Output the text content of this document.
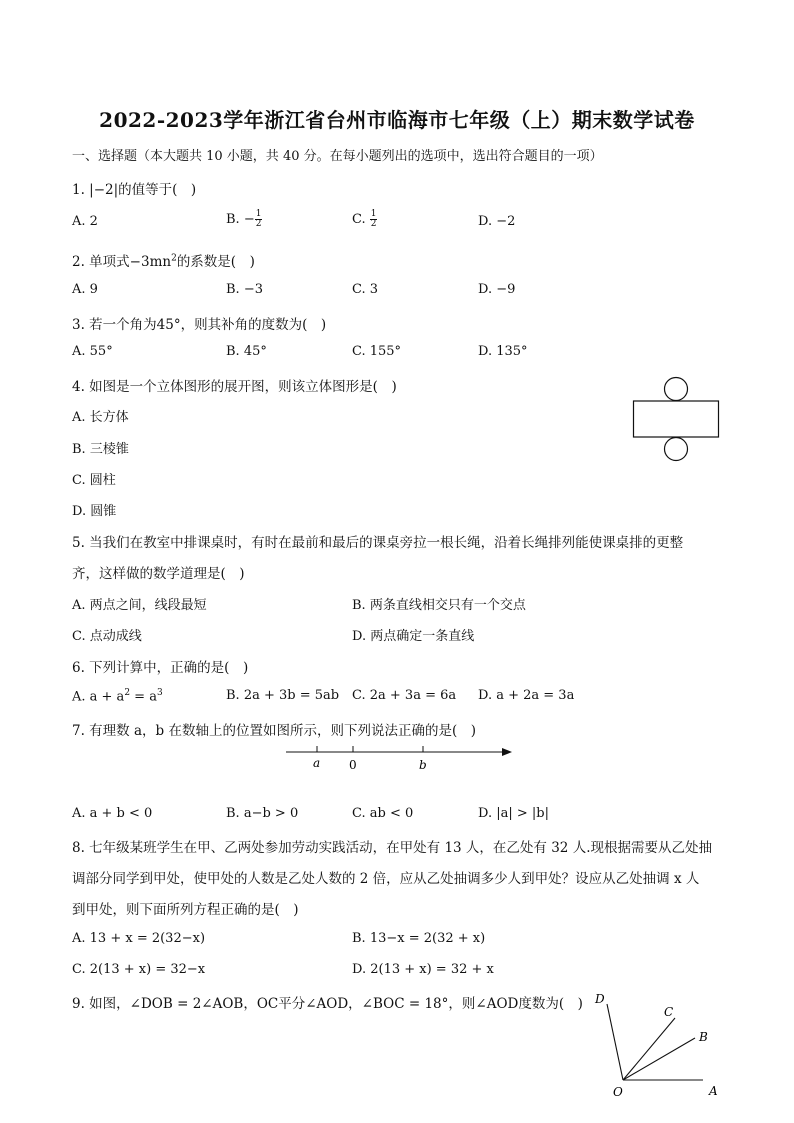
2022-2023学年浙江省台州市临海市七年级（上）期末数学试卷
一、选择题（本大题共 10 小题，共 40 分。在每小题列出的选项中，选出符合题目的一项）
1. |−2|的值等于(　)
A. 2	B. − $\frac{1}{2}$	C. $\frac{1}{2}$	D. −2
2. 单项式$-3mn^2$的系数是(　)
A. 9	B. −3	C. 3	D. −9
3. 若一个角为45°，则其补角的度数为(　)
A. 55°	B. 45°	C. 155°	D. 135°
4. 如图是一个立体图形的展开图，则该立体图形是(　)
A. 长方体
B. 三棱锥
C. 圆柱
D. 圆锥
5. 当我们在教室中排课桌时，有时在最前和最后的课桌旁拉一根长绳，沿着长绳排列能使课桌排的更整
齐，这样做的数学道理是(　)
A. 两点之间，线段最短	B. 两条直线相交只有一个交点
C. 点动成线	D. 两点确定一条直线
6. 下列计算中，正确的是(　)
A. $a + a^2 = a^3$	B. 2a + 3b = 5ab C. 2a + 3a = 6a D. a + 2a = 3a
7. 有理数 a，b 在数轴上的位置如图所示，则下列说法正确的是(　)
a 0	b
A. a + b < 0	B. a−b > 0	C. ab < 0	D. |a| > |b|
8. 七年级某班学生在甲、乙两处参加劳动实践活动，在甲处有 13 人，在乙处有 32 人.现根据需要从乙处抽
调部分同学到甲处，使甲处的人数是乙处人数的 2 倍，应从乙处抽调多少人到甲处？设应从乙处抽调 x 人
到甲处，则下面所列方程正确的是(　)
A. 13 + x = 2(32−x)	B. 13−x = 2(32 + x)
C. 2(13 + x) = 32−x	D. 2(13 + x) = 32 + x
9. 如图，∠DOB = 2∠AOB，OC平分∠AOD，∠BOC = 18°，则∠AOD度数为(　) D
C
B
O	A
